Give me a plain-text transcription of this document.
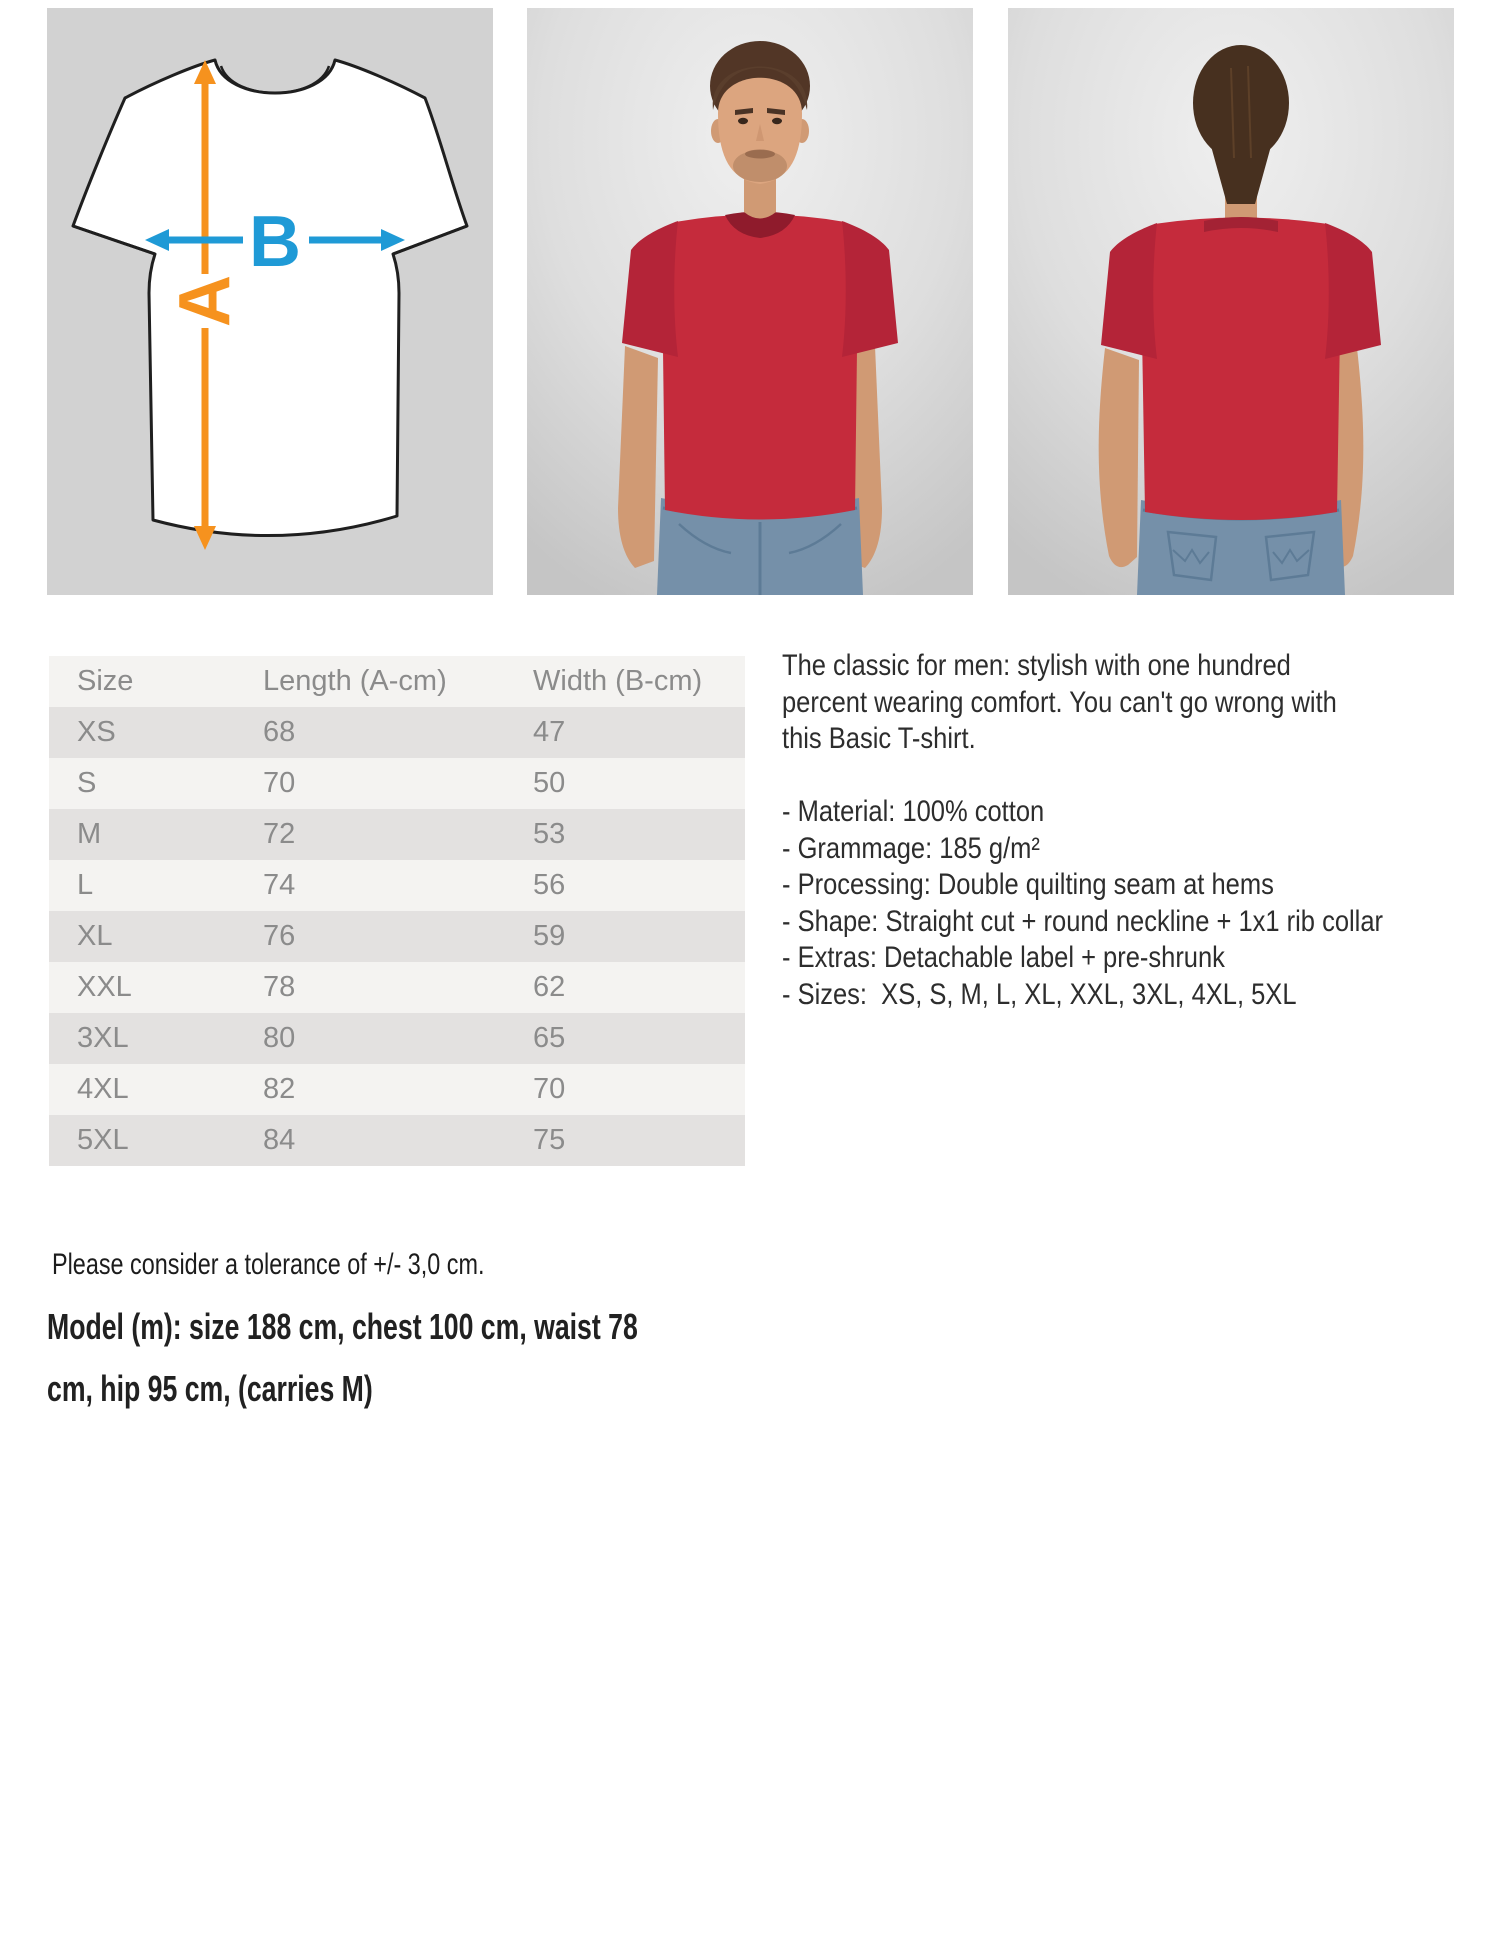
A
B
Size	Length (A-cm)	Width (B-cm)
XS	68	47
S	70	50
M	72	53
L	74	56
XL	76	59
XXL	78	62
3XL	80	65
4XL	82	70
5XL	84	75
The classic for men: stylish with one hundred
percent wearing comfort. You can't go wrong with
this Basic T-shirt.
- Material: 100% cotton
- Grammage: 185 g/m²
- Processing: Double quilting seam at hems
- Shape: Straight cut + round neckline + 1x1 rib collar
- Extras: Detachable label + pre-shrunk
- Sizes:  XS, S, M, L, XL, XXL, 3XL, 4XL, 5XL
Please consider a tolerance of +/- 3,0 cm.
Model (m): size 188 cm, chest 100 cm, waist 78
cm, hip 95 cm, (carries M)
